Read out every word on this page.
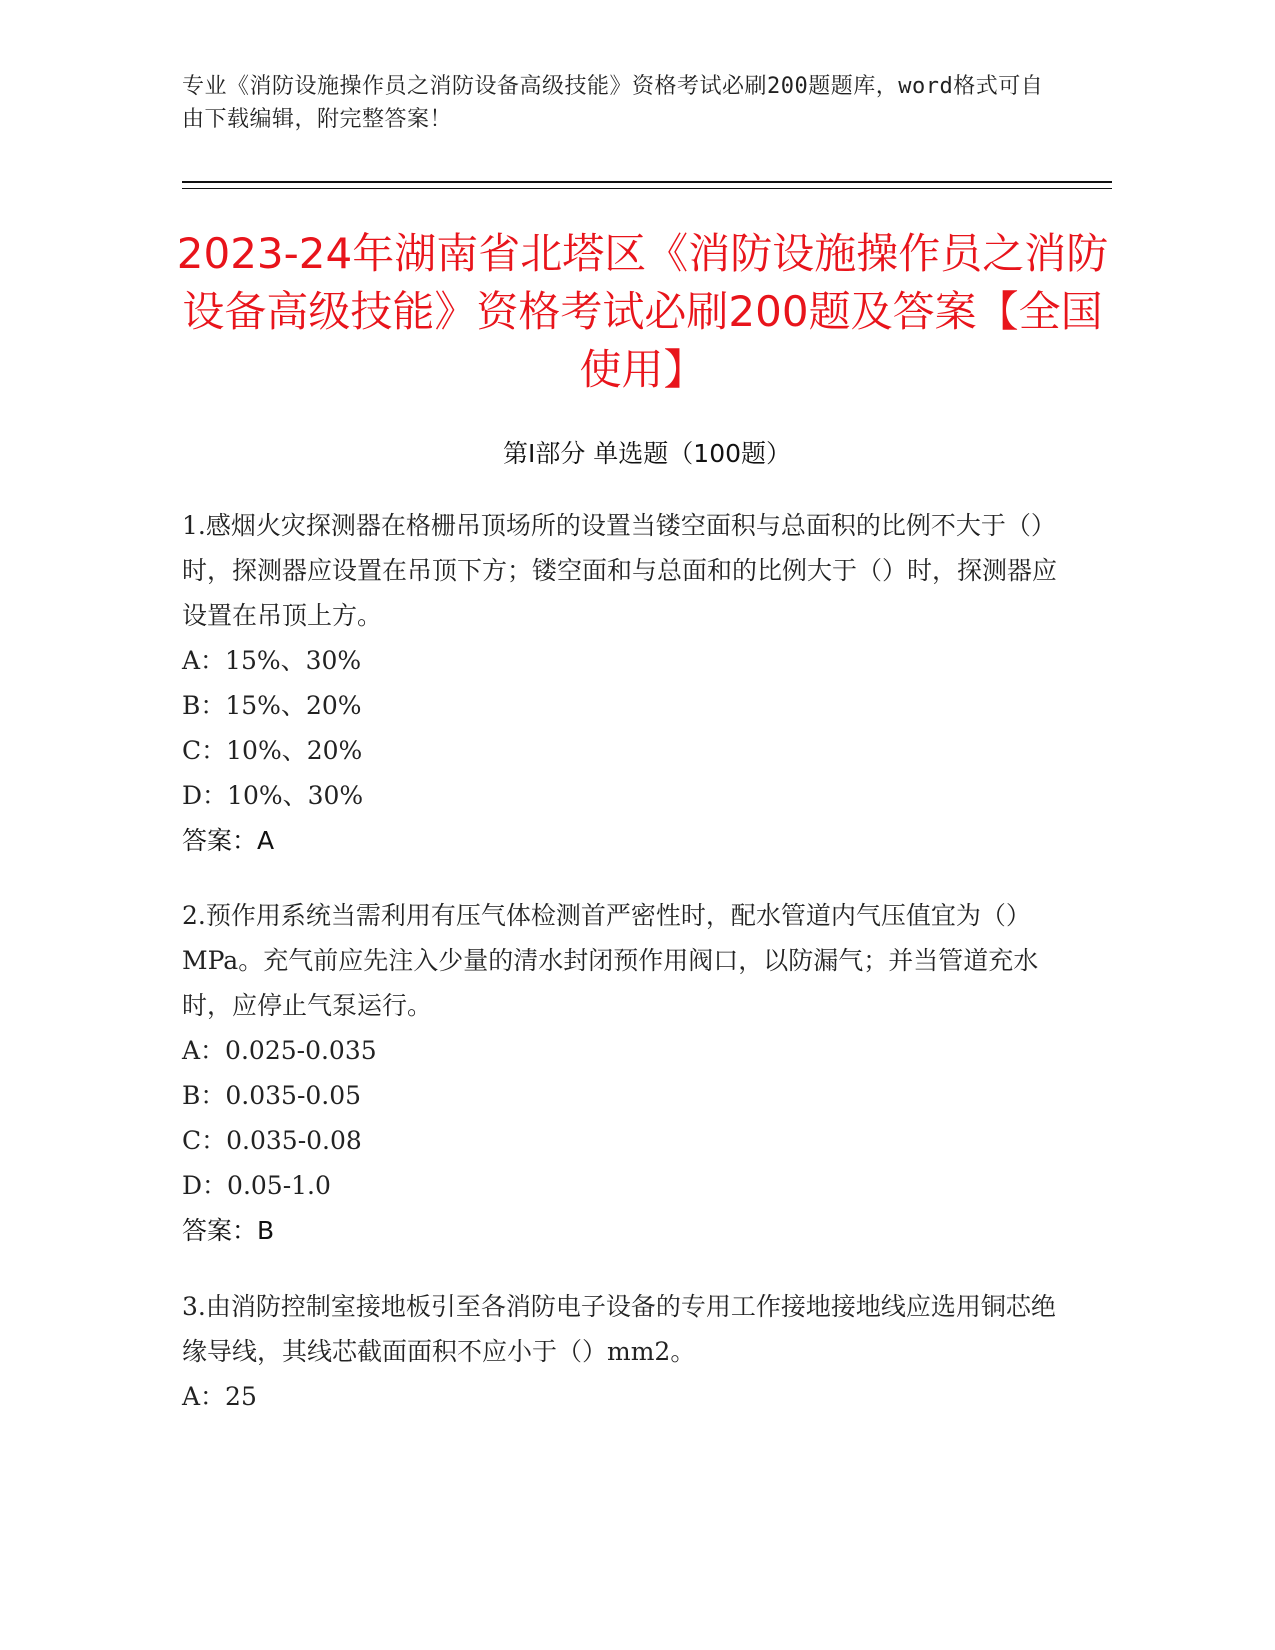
专业《消防设施操作员之消防设备高级技能》资格考试必刷200题题库，word格式可自由下载编辑，附完整答案！
2023-24年湖南省北塔区《消防设施操作员之消防设备高级技能》资格考试必刷200题及答案【全国使用】
第Ⅰ部分 单选题（100题）

1.感烟火灾探测器在格栅吊顶场所的设置当镂空面积与总面积的比例不大于（）时，探测器应设置在吊顶下方；镂空面和与总面和的比例大于（）时，探测器应设置在吊顶上方。

A：15%、30%

B：15%、20%

C：10%、20%

D：10%、30%

答案：A

2.预作用系统当需利用有压气体检测首严密性时，配水管道内气压值宜为（）MPa。充气前应先注入少量的清水封闭预作用阀口，以防漏气；并当管道充水时，应停止气泵运行。

A：0.025-0.035

B：0.035-0.05

C：0.035-0.08

D：0.05-1.0

答案：B

3.由消防控制室接地板引至各消防电子设备的专用工作接地接地线应选用铜芯绝缘导线，其线芯截面面积不应小于（）mm2。

A：25
